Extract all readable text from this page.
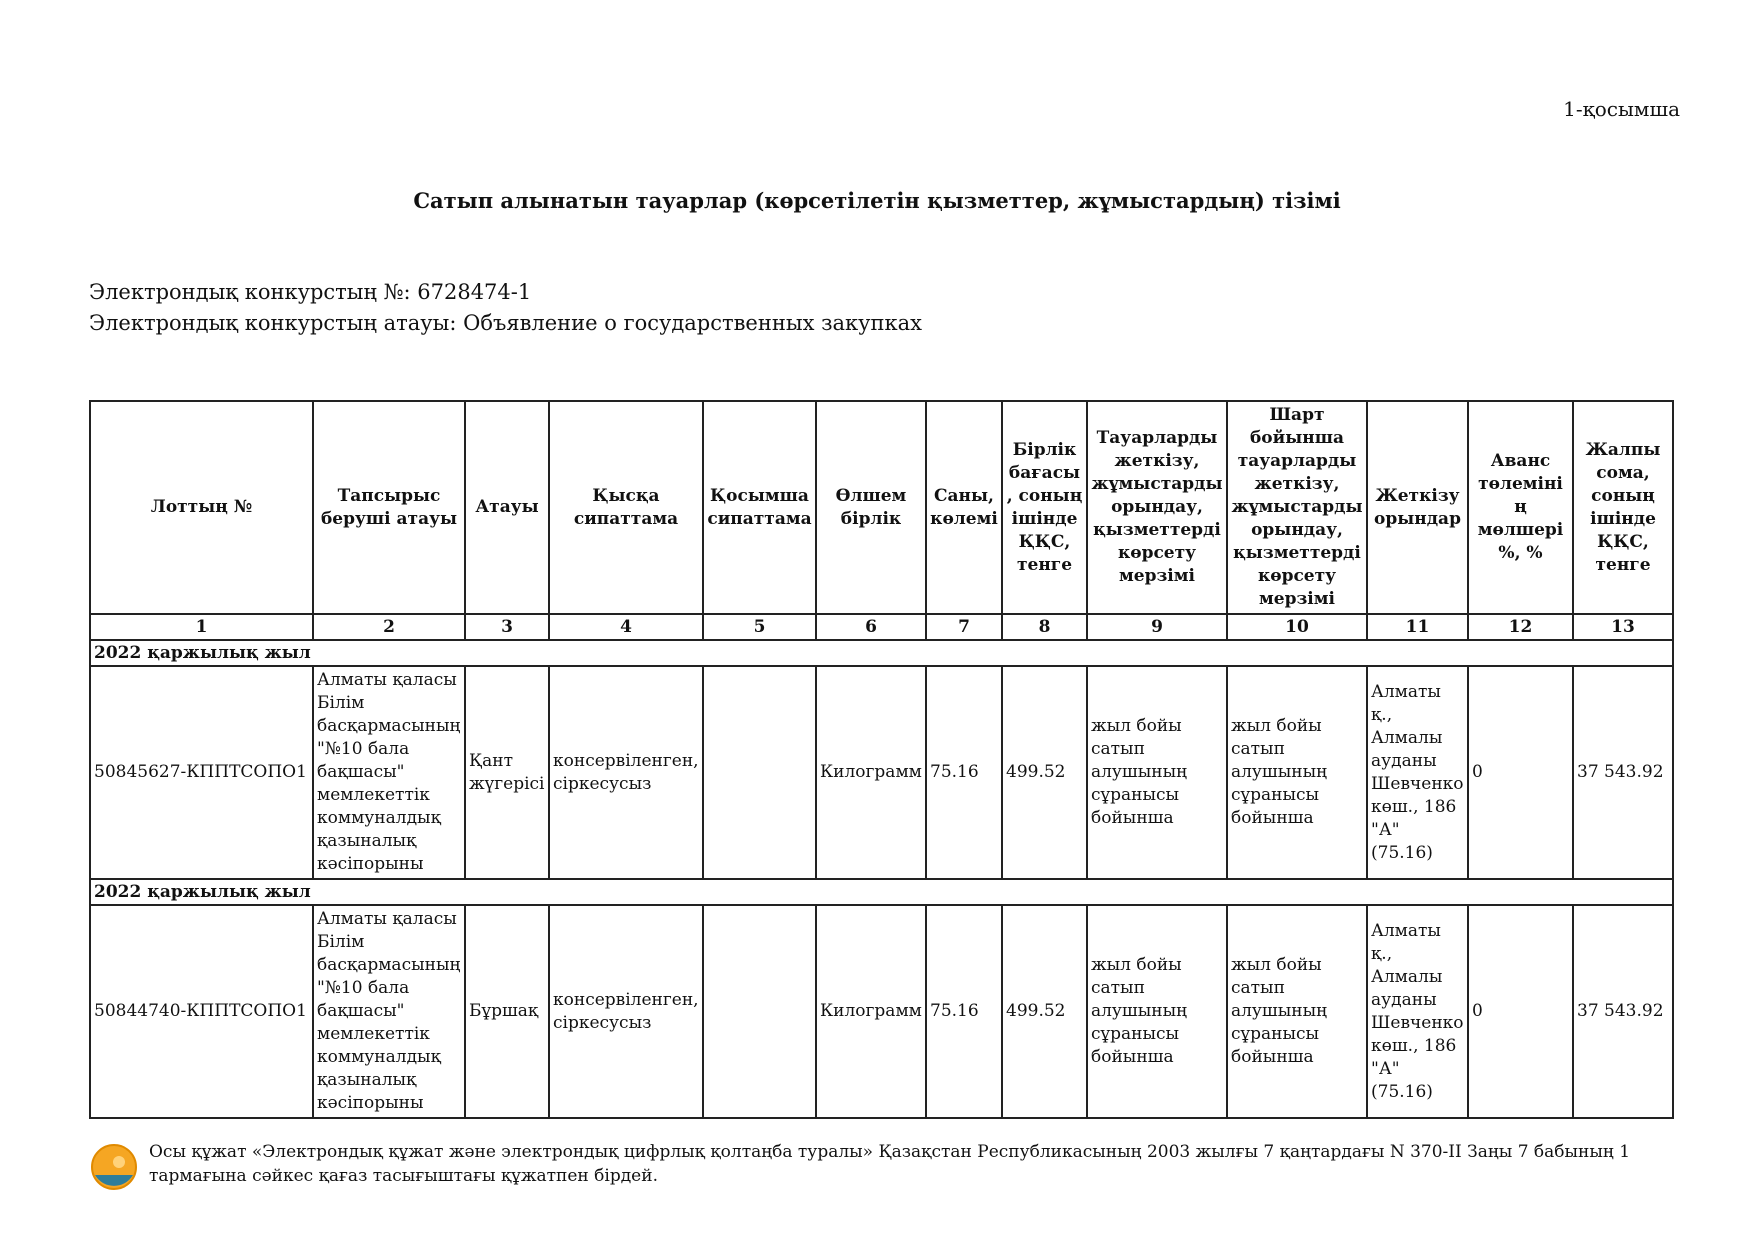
1-қосымша
Сатып алынатын тауарлар (көрсетілетін қызметтер, жұмыстардың) тізімі
Электрондық конкурстың №: 6728474-1
Электрондық конкурстың атауы: Объявление о государственных закупках
Лоттың №	Тапсырыс беруші атауы	Атауы	Қысқа сипаттама	Қосымша сипаттама	Өлшем бірлік	Саны, көлемі	Бірлік бағасы, соның ішінде ҚҚС, тенге	Тауарларды жеткізу, жұмыстарды орындау, қызметтерді көрсету мерзімі	Шарт бойынша тауарларды жеткізу, жұмыстарды орындау, қызметтерді көрсету мерзімі	Жеткізу орындар	Аванс төлемінің мөлшері %, %	Жалпы сома, соның ішінде ҚҚС, тенге
1	2	3	4	5	6	7	8	9	10	11	12	13
2022 қаржылық жыл												
50845627-КППТСОПО1	Алматы қаласы Білім басқармасының "№10 бала бақшасы" мемлекеттік коммуналдық қазыналық кәсіпорыны	Қант жүгерісі	консервіленген, сіркесусыз		Килограмм	75.16	499.52	жыл бойы сатып алушының сұранысы бойынша	жыл бойы сатып алушының сұранысы бойынша	Алматы қ., Алмалы ауданы Шевченко көш., 186 "А" (75.16)	0	37 543.92
2022 қаржылық жыл												
50844740-КППТСОПО1	Алматы қаласы Білім басқармасының "№10 бала бақшасы" мемлекеттік коммуналдық қазыналық кәсіпорыны	Бұршақ	консервіленген, сіркесусыз		Килограмм	75.16	499.52	жыл бойы сатып алушының сұранысы бойынша	жыл бойы сатып алушының сұранысы бойынша	Алматы қ., Алмалы ауданы Шевченко көш., 186 "А" (75.16)	0	37 543.92
Осы құжат «Электрондық құжат және электрондық цифрлық қолтаңба туралы» Қазақстан Республикасының 2003 жылғы 7 қаңтардағы N 370-II Заңы 7 бабының 1 тармағына сәйкес қағаз тасығыштағы құжатпен бірдей.
